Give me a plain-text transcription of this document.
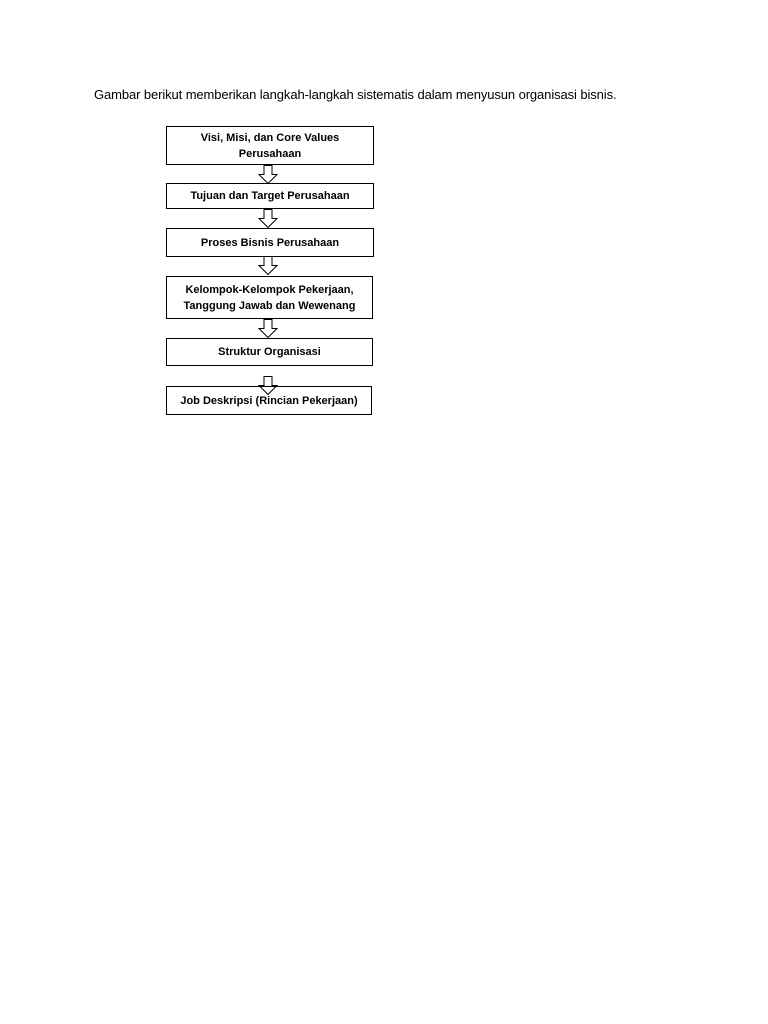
Gambar berikut memberikan langkah-langkah sistematis dalam menyusun organisasi bisnis.
Visi, Misi, dan Core Values
Perusahaan
Tujuan dan Target Perusahaan
Proses Bisnis Perusahaan
Kelompok-Kelompok Pekerjaan,
Tanggung Jawab dan Wewenang
Struktur Organisasi
Job Deskripsi (Rincian Pekerjaan)
